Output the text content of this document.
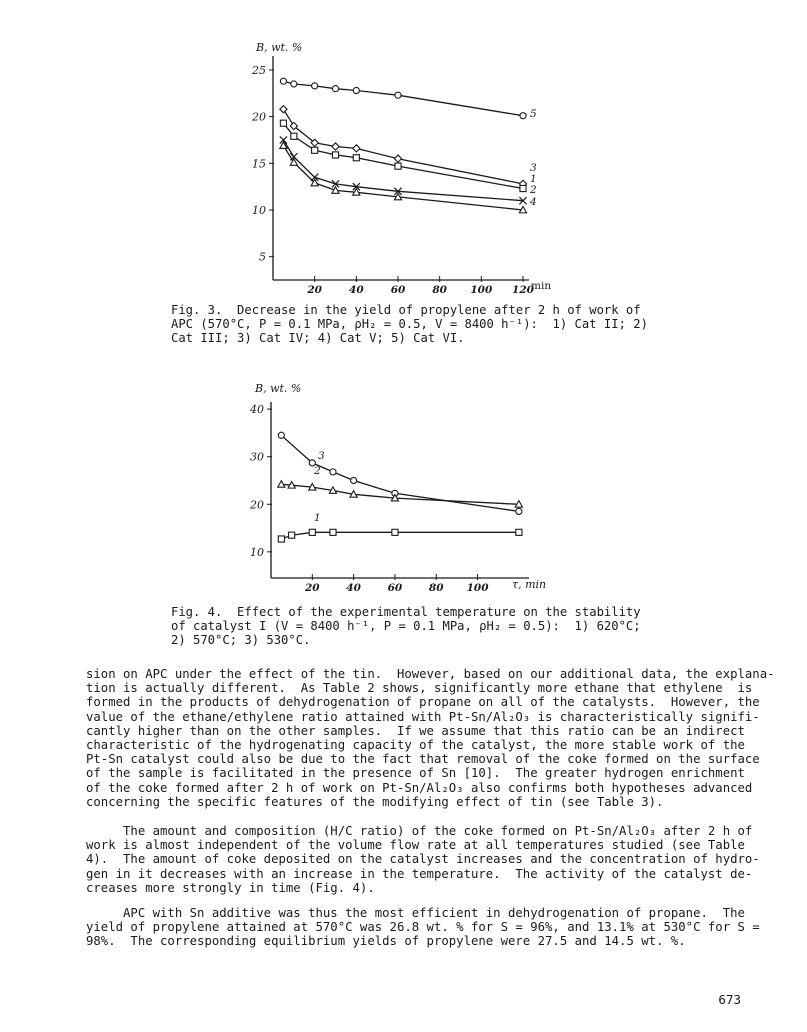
B, wt. %
min
5
10
15
20
25
20	40	60	80 100 120
5
3
1
2
4
B, wt. %
τ, min
10
20
30
40
20	40	60	80 100
3
2
1
Fig. 3.  Decrease in the yield of propylene after 2 h of work of
APC (570°C, P = 0.1 MPa, ρH₂ = 0.5, V = 8400 h⁻¹):  1) Cat II; 2)
Cat III; 3) Cat IV; 4) Cat V; 5) Cat VI.
Fig. 4.  Effect of the experimental temperature on the stability
of catalyst I (V = 8400 h⁻¹, P = 0.1 MPa, ρH₂ = 0.5):  1) 620°C;
2) 570°C; 3) 530°C.
sion on APC under the effect of the tin.  However, based on our additional data, the explana-
tion is actually different.  As Table 2 shows, significantly more ethane that ethylene  is
formed in the products of dehydrogenation of propane on all of the catalysts.  However, the
value of the ethane/ethylene ratio attained with Pt-Sn/Al₂O₃ is characteristically signifi-
cantly higher than on the other samples.  If we assume that this ratio can be an indirect
characteristic of the hydrogenating capacity of the catalyst, the more stable work of the
Pt-Sn catalyst could also be due to the fact that removal of the coke formed on the surface
of the sample is facilitated in the presence of Sn [10].  The greater hydrogen enrichment
of the coke formed after 2 h of work on Pt-Sn/Al₂O₃ also confirms both hypotheses advanced
concerning the specific features of the modifying effect of tin (see Table 3).
The amount and composition (H/C ratio) of the coke formed on Pt-Sn/Al₂O₃ after 2 h of
work is almost independent of the volume flow rate at all temperatures studied (see Table
4).  The amount of coke deposited on the catalyst increases and the concentration of hydro-
gen in it decreases with an increase in the temperature.  The activity of the catalyst de-
creases more strongly in time (Fig. 4).
APC with Sn additive was thus the most efficient in dehydrogenation of propane.  The
yield of propylene attained at 570°C was 26.8 wt. % for S = 96%, and 13.1% at 530°C for S =
98%.  The corresponding equilibrium yields of propylene were 27.5 and 14.5 wt. %.
673
